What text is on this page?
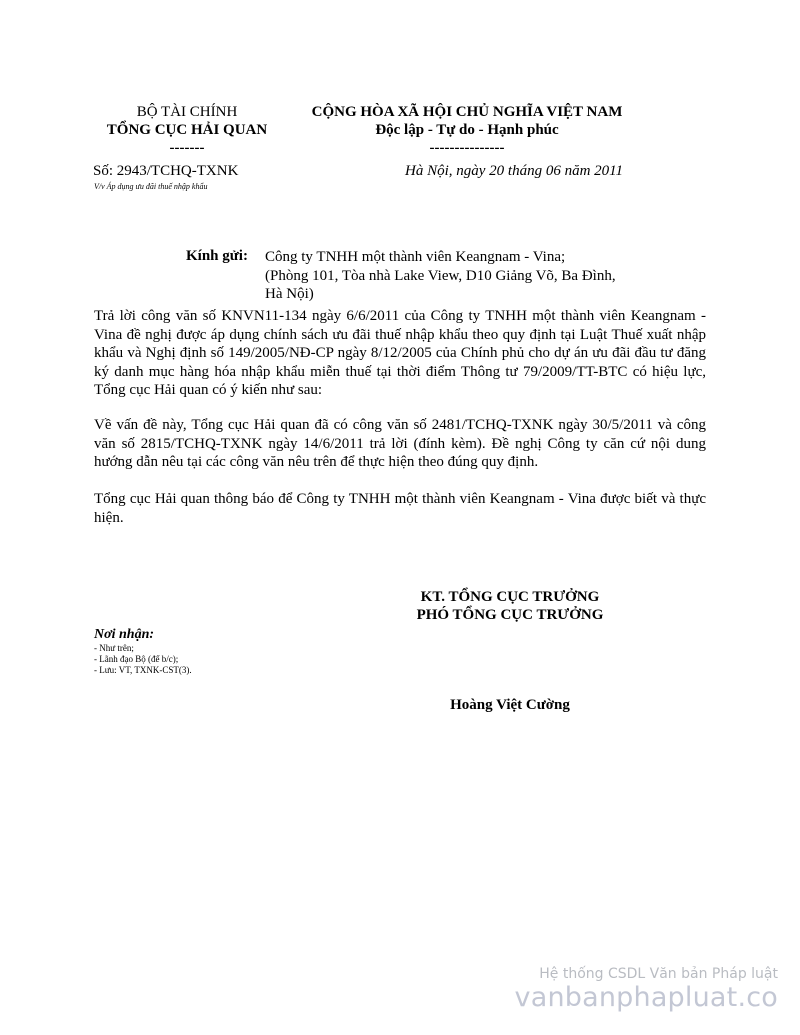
BỘ TÀI CHÍNH
TỔNG CỤC HẢI QUAN
-------
CỘNG HÒA XÃ HỘI CHỦ NGHĨA VIỆT NAM
Độc lập - Tự do - Hạnh phúc
---------------
Số: 2943/TCHQ-TXNK
V/v Áp dụng ưu đãi thuế nhập khẩu
Hà Nội, ngày 20 tháng 06 năm 2011
Kính gửi: Công ty TNHH một thành viên Keangnam - Vina;
(Phòng 101, Tòa nhà Lake View, D10 Giảng Võ, Ba Đình,
Hà Nội)
Trả lời công văn số KNVN11-134 ngày 6/6/2011 của Công ty TNHH một thành viên Keangnam - Vina đề nghị được áp dụng chính sách ưu đãi thuế nhập khẩu theo quy định tại Luật Thuế xuất nhập khẩu và Nghị định số 149/2005/NĐ-CP ngày 8/12/2005 của Chính phủ cho dự án ưu đãi đầu tư đăng ký danh mục hàng hóa nhập khẩu miễn thuế tại thời điểm Thông tư 79/2009/TT-BTC có hiệu lực, Tổng cục Hải quan có ý kiến như sau:
Về vấn đề này, Tổng cục Hải quan đã có công văn số 2481/TCHQ-TXNK ngày 30/5/2011 và công văn số 2815/TCHQ-TXNK ngày 14/6/2011 trả lời (đính kèm). Đề nghị Công ty căn cứ nội dung hướng dẫn nêu tại các công văn nêu trên để thực hiện theo đúng quy định.
Tổng cục Hải quan thông báo để Công ty TNHH một thành viên Keangnam - Vina được biết và thực hiện.
KT. TỔNG CỤC TRƯỞNG
PHÓ TỔNG CỤC TRƯỞNG
Hoàng Việt Cường
Nơi nhận:
- Như trên;
- Lãnh đạo Bộ (để b/c);
- Lưu: VT, TXNK-CST(3).
Hệ thống CSDL Văn bản Pháp luật
vanbanphapluat.co
